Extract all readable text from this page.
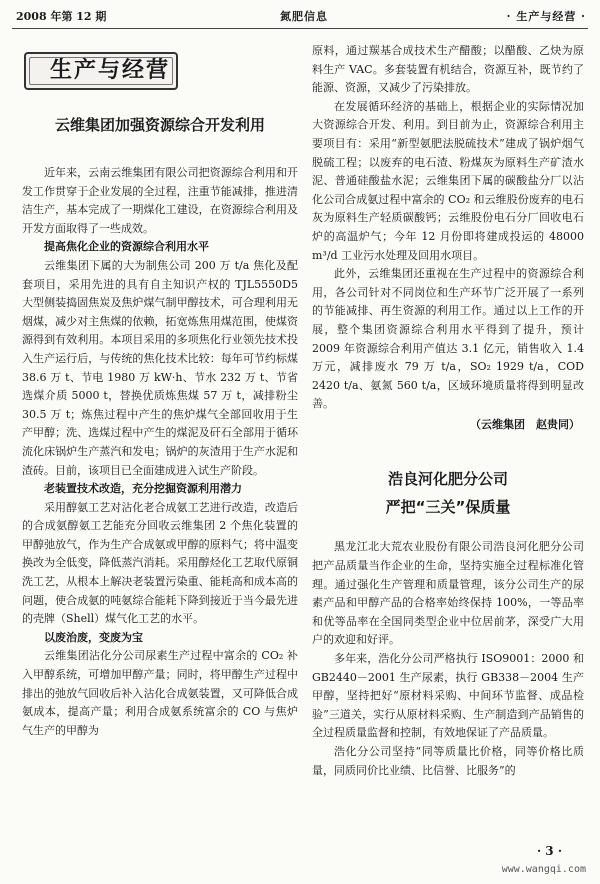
2008 年第 12 期	氮肥信息	· 生产与经营 ·
生产与经营
云维集团加强资源综合开发利用

近年来，云南云维集团有限公司把资源综合利用和开发工作贯穿于企业发展的全过程，注重节能减排，推进清洁生产，基本完成了一期煤化工建设，在资源综合利用及开发方面取得了一些成效。

提高焦化企业的资源综合利用水平

云维集团下属的大为制焦公司 200 万 t/a 焦化及配套项目，采用先进的具有自主知识产权的 TJL5550D5 大型侧装捣固焦炭及焦炉煤气制甲醇技术，可合理利用无烟煤，减少对主焦煤的依赖，拓宽炼焦用煤范围，使煤资源得到有效利用。本项目采用的多项焦化行业领先技术投入生产运行后，与传统的焦化技术比较：每年可节约标煤 38.6 万 t、节电 1980 万 kW·h、节水 232 万 t、节省选煤介质 5000 t，替换优质炼焦煤 57 万 t，减排粉尘 30.5 万 t；炼焦过程中产生的焦炉煤气全部回收用于生产甲醇；洗、选煤过程中产生的煤泥及矸石全部用于循环流化床锅炉生产蒸汽和发电；锅炉的灰渣用于生产水泥和渣砖。目前，该项目已全面建成进入试生产阶段。

老装置技术改造，充分挖掘资源利用潜力

采用醇氨工艺对沾化老合成氨工艺进行改造，改造后的合成氨醇氨工艺能充分回收云维集团 2 个焦化装置的甲醇弛放气，作为生产合成氨或甲醇的原料气；将中温变换改为全低变，降低蒸汽消耗。采用醇烃化工艺取代原铜洗工艺，从根本上解决老装置污染重、能耗高和成本高的问题，使合成氨的吨氨综合能耗下降到接近于当今最先进的壳牌（Shell）煤气化工艺的水平。

以废治废，变废为宝

云维集团沾化分公司尿素生产过程中富余的 CO₂ 补入甲醇系统，可增加甲醇产量；同时，将甲醇生产过程中排出的弛放气回收后补入沾化合成氨装置，又可降低合成氨成本，提高产量；利用合成氨系统富余的 CO 与焦炉气生产的甲醇为

原料，通过羰基合成技术生产醋酸；以醋酸、乙炔为原料生产 VAC。多套装置有机结合，资源互补，既节约了能源、资源，又减少了污染排放。

在发展循环经济的基础上，根据企业的实际情况加大资源综合开发、利用。到目前为止，资源综合利用主要项目有：采用“新型氨肥法脱硫技术”建成了锅炉烟气脱硫工程；以废弃的电石渣、粉煤灰为原料生产矿渣水泥、普通硅酸盐水泥；云维集团下属的碳酸盐分厂以沾化公司合成氨过程中富余的 CO₂ 和云维股份废弃的电石灰为原料生产轻质碳酸钙；云维股份电石分厂回收电石炉的高温炉气；今年 12 月份即将建成投运的 48000 m³/d 工业污水处理及回用水项目。

此外，云维集团还重视在生产过程中的资源综合利用，各公司针对不同岗位和生产环节广泛开展了一系列的节能减排、再生资源的利用工作。通过以上工作的开展，整个集团资源综合利用水平得到了提升，预计 2009 年资源综合利用产值达 3.1 亿元，销售收入 1.4 万元，减排废水 79 万 t/a，SO₂ 1929 t/a，COD 2420 t/a、氨氮 560 t/a，区域环境质量将得到明显改善。

（云维集团　赵贵同）
浩良河化肥分公司
严把“三关”保质量

黑龙江北大荒农业股份有限公司浩良河化肥分公司把产品质量当作企业的生命，坚持实施全过程标准化管理。通过强化生产管理和质量管理，该分公司生产的尿素产品和甲醇产品的合格率始终保持 100%，一等品率和优等品率在全国同类型企业中位居前茅，深受广大用户的欢迎和好评。

多年来，浩化分公司严格执行 ISO9001：2000 和 GB2440－2001 生产尿素，执行 GB338－2004 生产甲醇，坚持把好“原材料采购、中间环节监督、成品检验”三道关，实行从原材料采购、生产制造到产品销售的全过程质量监督和控制，有效地保证了产品质量。

浩化分公司坚持“同等质量比价格，同等价格比质量，同质同价比业绩、比信誉、比服务”的

· 3 ·
www.wangqi.com
